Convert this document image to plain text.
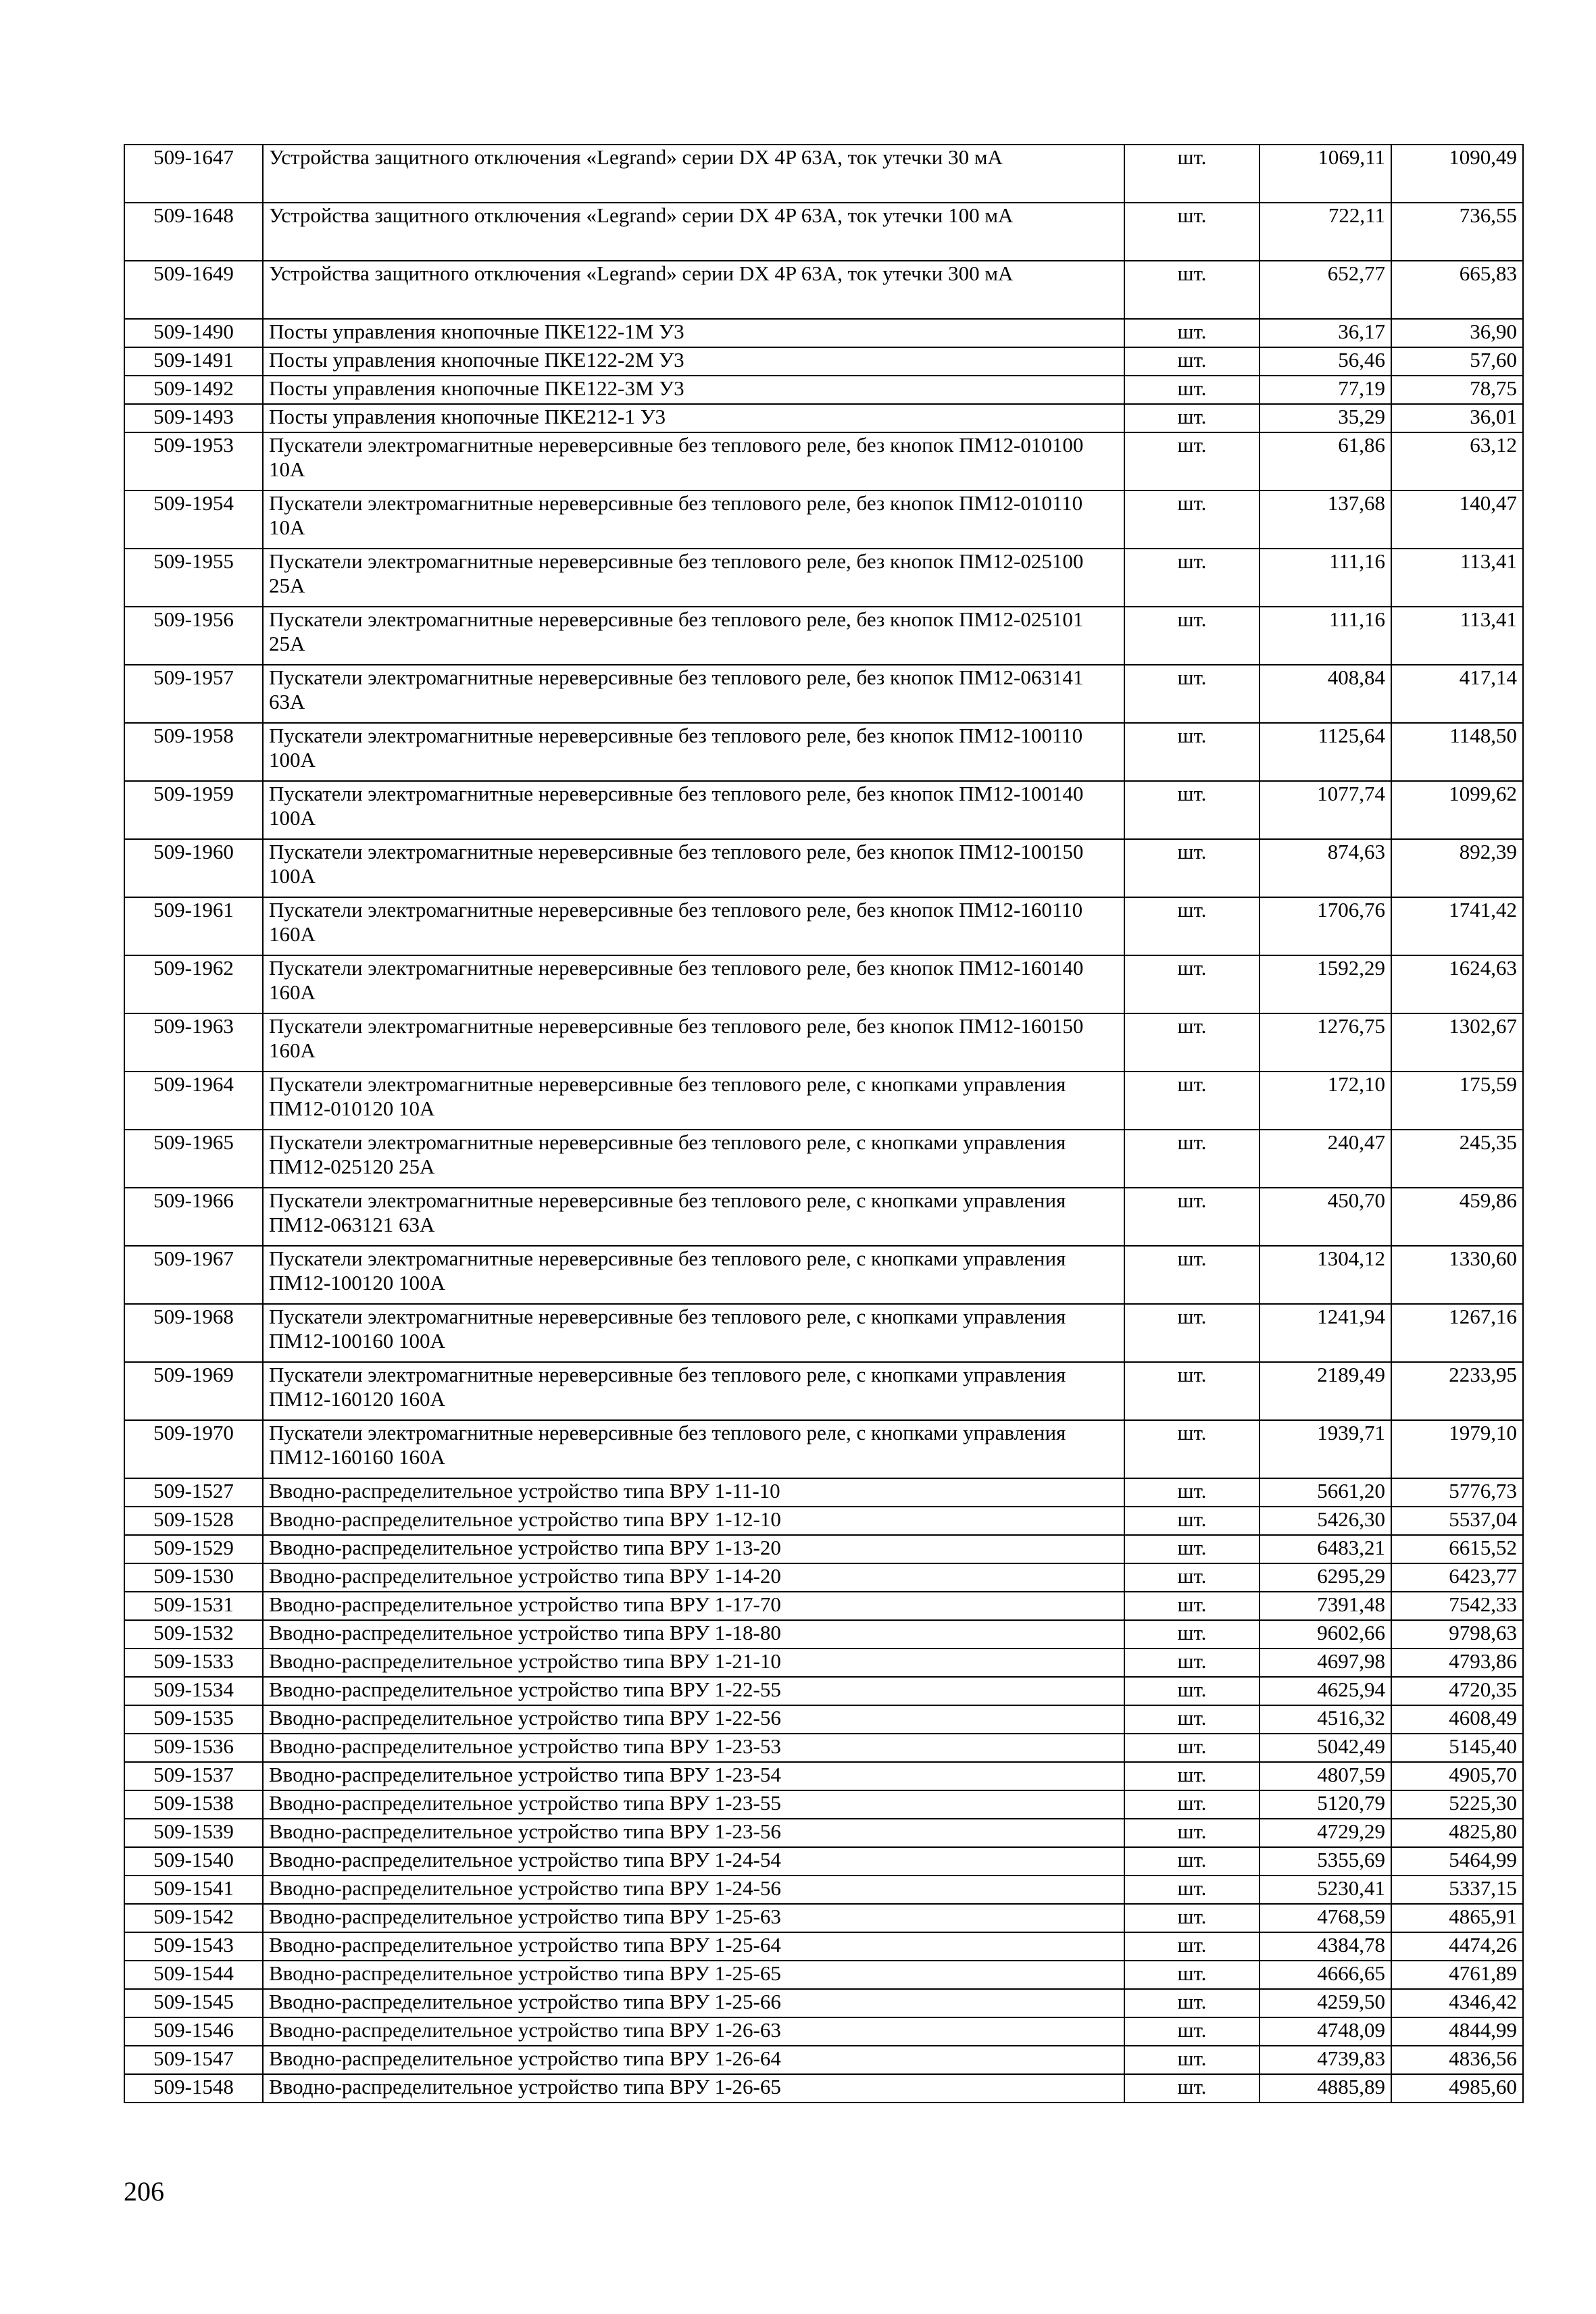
509-1647	Устройства защитного отключения «Legrand» серии DX 4P 63A, ток утечки 30 мА	шт.	1069,11	1090,49
509-1648	Устройства защитного отключения «Legrand» серии DX 4P 63A, ток утечки 100 мА	шт.	722,11	736,55
509-1649	Устройства защитного отключения «Legrand» серии DX 4P 63A, ток утечки 300 мА	шт.	652,77	665,83
509-1490	Посты управления кнопочные ПКЕ122-1М У3	шт.	36,17	36,90
509-1491	Посты управления кнопочные ПКЕ122-2М У3	шт.	56,46	57,60
509-1492	Посты управления кнопочные ПКЕ122-3М У3	шт.	77,19	78,75
509-1493	Посты управления кнопочные ПКЕ212-1 У3	шт.	35,29	36,01
509-1953	Пускатели электромагнитные нереверсивные без теплового реле, без кнопок ПМ12-010100 10А	шт.	61,86	63,12
509-1954	Пускатели электромагнитные нереверсивные без теплового реле, без кнопок ПМ12-010110 10А	шт.	137,68	140,47
509-1955	Пускатели электромагнитные нереверсивные без теплового реле, без кнопок ПМ12-025100 25А	шт.	111,16	113,41
509-1956	Пускатели электромагнитные нереверсивные без теплового реле, без кнопок ПМ12-025101 25А	шт.	111,16	113,41
509-1957	Пускатели электромагнитные нереверсивные без теплового реле, без кнопок ПМ12-063141 63А	шт.	408,84	417,14
509-1958	Пускатели электромагнитные нереверсивные без теплового реле, без кнопок ПМ12-100110 100А	шт.	1125,64	1148,50
509-1959	Пускатели электромагнитные нереверсивные без теплового реле, без кнопок ПМ12-100140 100А	шт.	1077,74	1099,62
509-1960	Пускатели электромагнитные нереверсивные без теплового реле, без кнопок ПМ12-100150 100А	шт.	874,63	892,39
509-1961	Пускатели электромагнитные нереверсивные без теплового реле, без кнопок ПМ12-160110 160А	шт.	1706,76	1741,42
509-1962	Пускатели электромагнитные нереверсивные без теплового реле, без кнопок ПМ12-160140 160А	шт.	1592,29	1624,63
509-1963	Пускатели электромагнитные нереверсивные без теплового реле, без кнопок ПМ12-160150 160А	шт.	1276,75	1302,67
509-1964	Пускатели электромагнитные нереверсивные без теплового реле, с кнопками управления ПМ12-010120 10А	шт.	172,10	175,59
509-1965	Пускатели электромагнитные нереверсивные без теплового реле, с кнопками управления ПМ12-025120 25А	шт.	240,47	245,35
509-1966	Пускатели электромагнитные нереверсивные без теплового реле, с кнопками управления ПМ12-063121 63А	шт.	450,70	459,86
509-1967	Пускатели электромагнитные нереверсивные без теплового реле, с кнопками управления ПМ12-100120 100А	шт.	1304,12	1330,60
509-1968	Пускатели электромагнитные нереверсивные без теплового реле, с кнопками управления ПМ12-100160 100А	шт.	1241,94	1267,16
509-1969	Пускатели электромагнитные нереверсивные без теплового реле, с кнопками управления ПМ12-160120 160А	шт.	2189,49	2233,95
509-1970	Пускатели электромагнитные нереверсивные без теплового реле, с кнопками управления ПМ12-160160 160А	шт.	1939,71	1979,10
509-1527	Вводно-распределительное устройство типа ВРУ 1-11-10	шт.	5661,20	5776,73
509-1528	Вводно-распределительное устройство типа ВРУ 1-12-10	шт.	5426,30	5537,04
509-1529	Вводно-распределительное устройство типа ВРУ 1-13-20	шт.	6483,21	6615,52
509-1530	Вводно-распределительное устройство типа ВРУ 1-14-20	шт.	6295,29	6423,77
509-1531	Вводно-распределительное устройство типа ВРУ 1-17-70	шт.	7391,48	7542,33
509-1532	Вводно-распределительное устройство типа ВРУ 1-18-80	шт.	9602,66	9798,63
509-1533	Вводно-распределительное устройство типа ВРУ 1-21-10	шт.	4697,98	4793,86
509-1534	Вводно-распределительное устройство типа ВРУ 1-22-55	шт.	4625,94	4720,35
509-1535	Вводно-распределительное устройство типа ВРУ 1-22-56	шт.	4516,32	4608,49
509-1536	Вводно-распределительное устройство типа ВРУ 1-23-53	шт.	5042,49	5145,40
509-1537	Вводно-распределительное устройство типа ВРУ 1-23-54	шт.	4807,59	4905,70
509-1538	Вводно-распределительное устройство типа ВРУ 1-23-55	шт.	5120,79	5225,30
509-1539	Вводно-распределительное устройство типа ВРУ 1-23-56	шт.	4729,29	4825,80
509-1540	Вводно-распределительное устройство типа ВРУ 1-24-54	шт.	5355,69	5464,99
509-1541	Вводно-распределительное устройство типа ВРУ 1-24-56	шт.	5230,41	5337,15
509-1542	Вводно-распределительное устройство типа ВРУ 1-25-63	шт.	4768,59	4865,91
509-1543	Вводно-распределительное устройство типа ВРУ 1-25-64	шт.	4384,78	4474,26
509-1544	Вводно-распределительное устройство типа ВРУ 1-25-65	шт.	4666,65	4761,89
509-1545	Вводно-распределительное устройство типа ВРУ 1-25-66	шт.	4259,50	4346,42
509-1546	Вводно-распределительное устройство типа ВРУ 1-26-63	шт.	4748,09	4844,99
509-1547	Вводно-распределительное устройство типа ВРУ 1-26-64	шт.	4739,83	4836,56
509-1548	Вводно-распределительное устройство типа ВРУ 1-26-65	шт.	4885,89	4985,60
206
